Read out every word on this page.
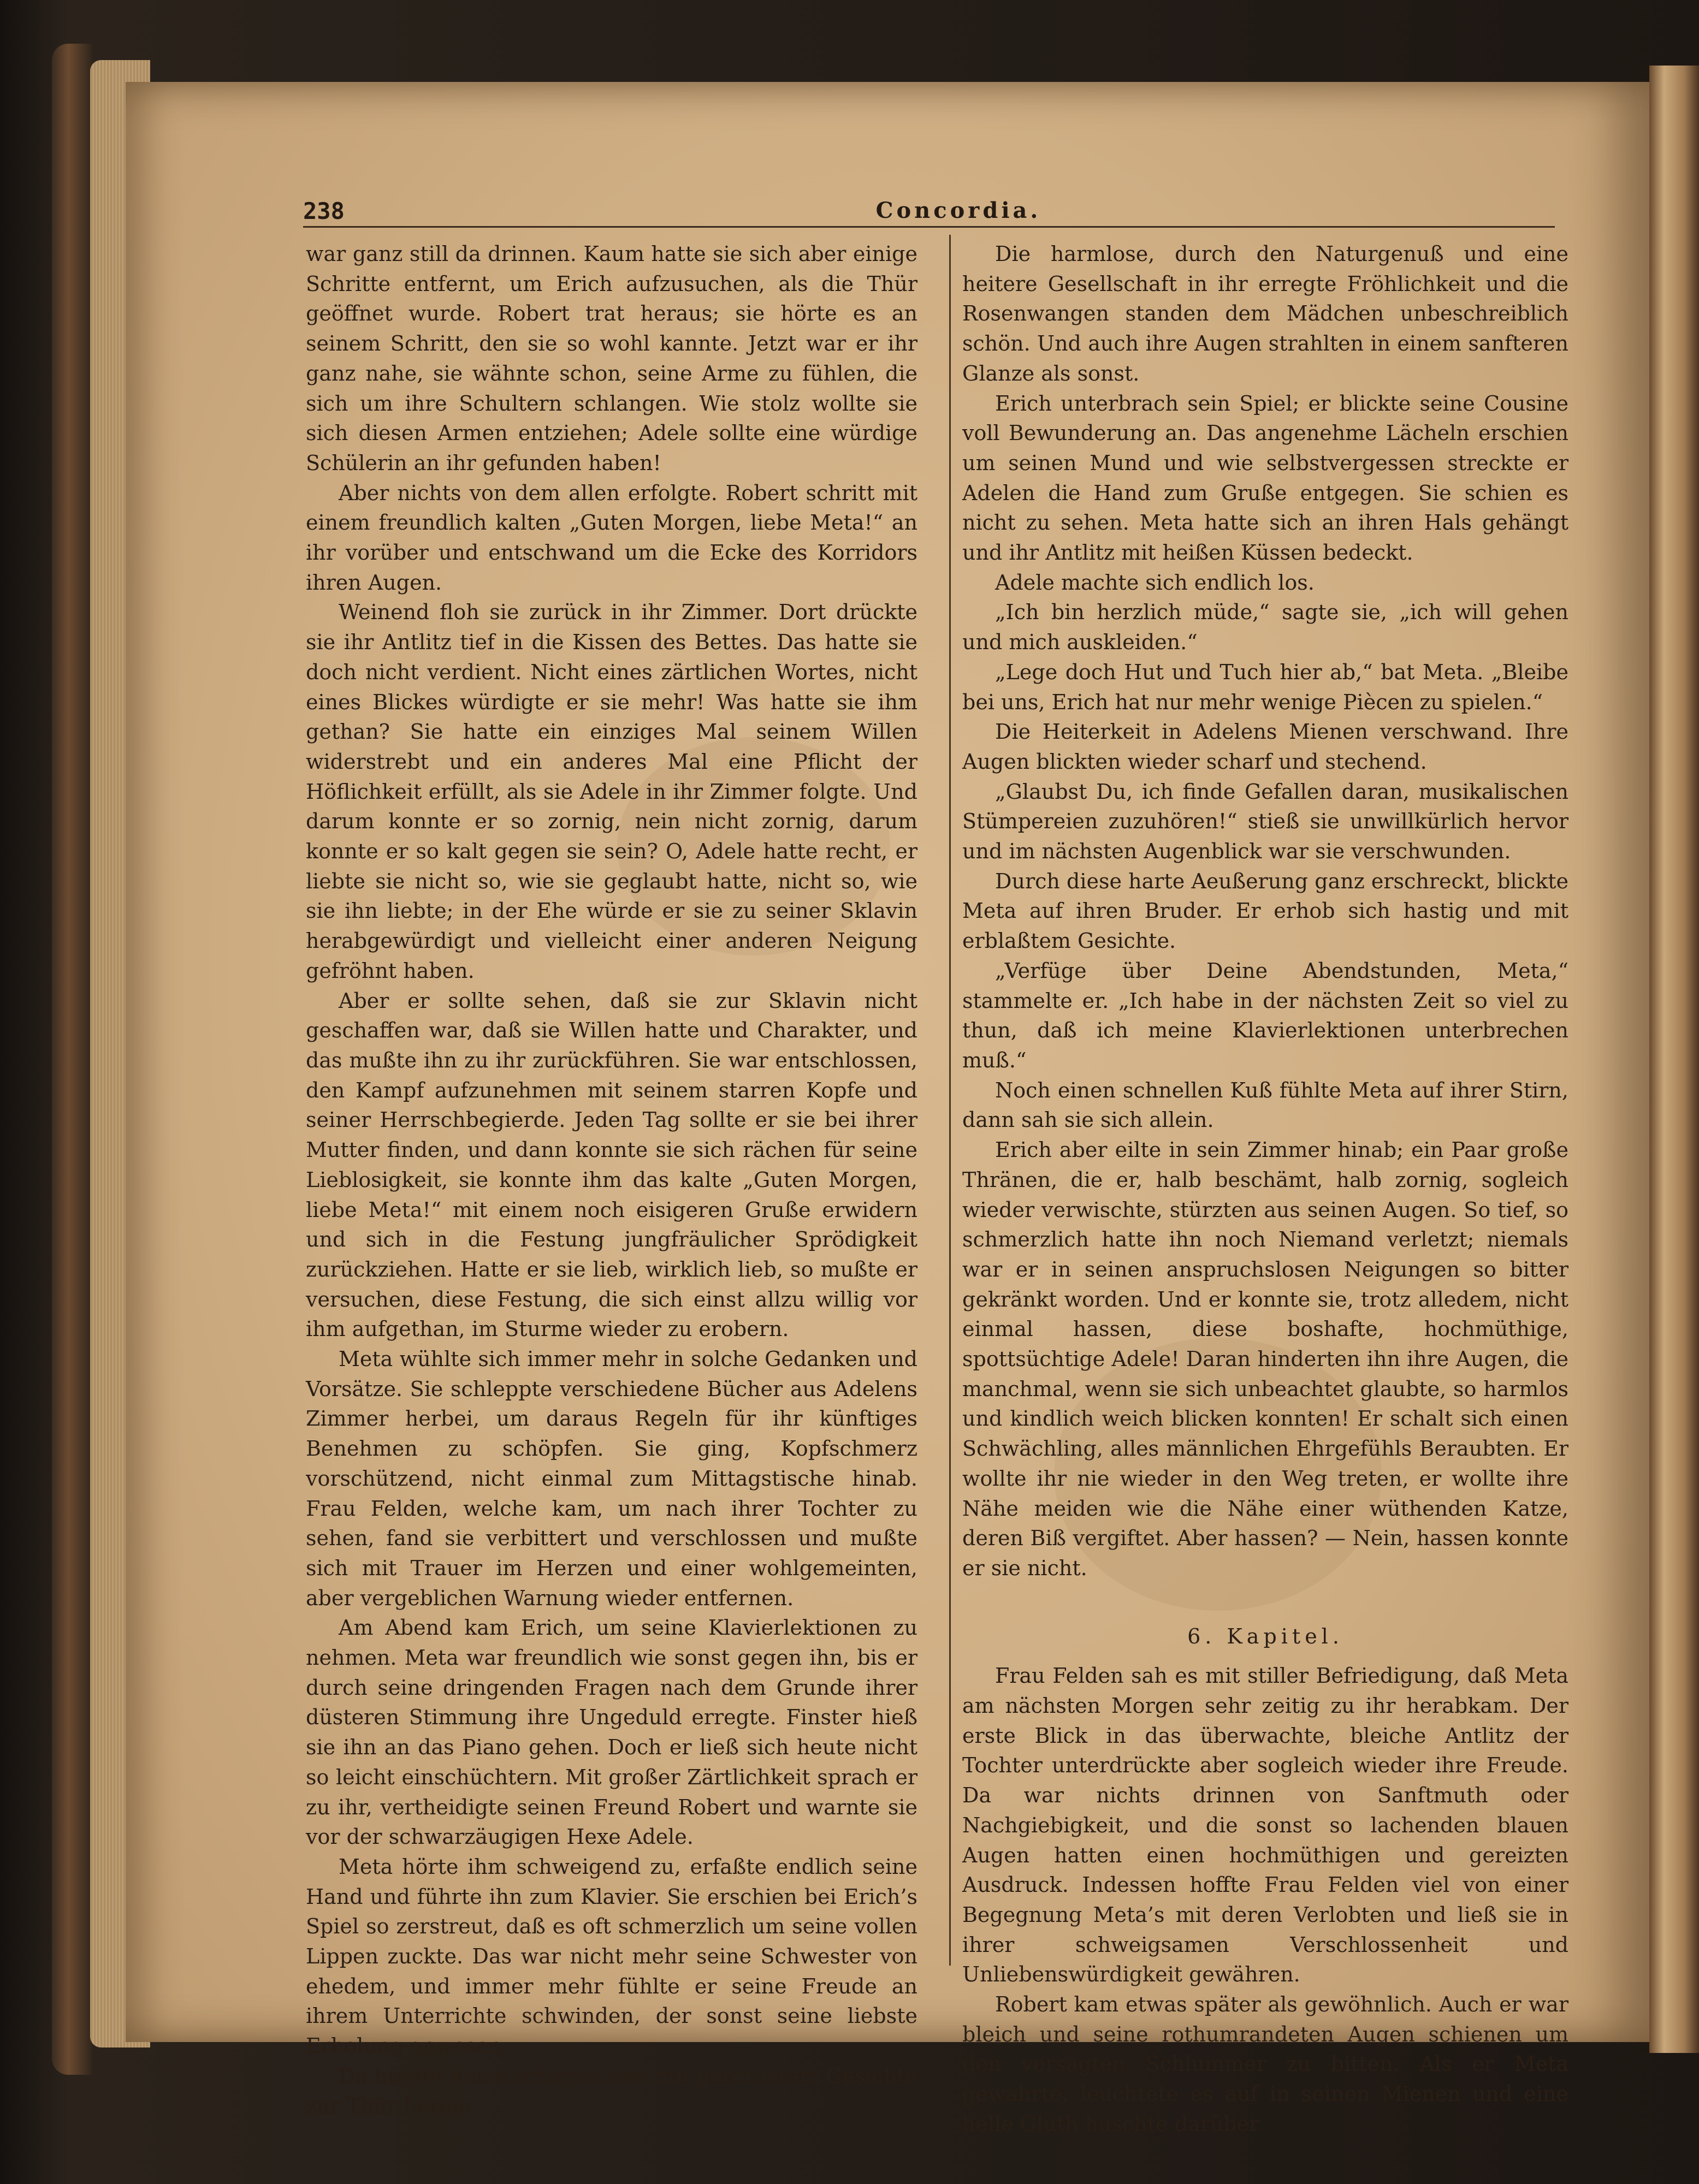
238	Concordia.

war ganz still da drinnen. Kaum hatte sie sich aber einige Schritte entfernt, um Erich aufzusuchen, als die Thür geöffnet wurde. Robert trat heraus; sie hörte es an seinem Schritt, den sie so wohl kannte. Jetzt war er ihr ganz nahe, sie wähnte schon, seine Arme zu fühlen, die sich um ihre Schultern schlangen. Wie stolz wollte sie sich diesen Armen entziehen; Adele sollte eine würdige Schülerin an ihr gefunden haben!

Aber nichts von dem allen erfolgte. Robert schritt mit einem freundlich kalten „Guten Morgen, liebe Meta!“ an ihr vorüber und entschwand um die Ecke des Korridors ihren Augen.

Weinend floh sie zurück in ihr Zimmer. Dort drückte sie ihr Antlitz tief in die Kissen des Bettes. Das hatte sie doch nicht verdient. Nicht eines zärtlichen Wortes, nicht eines Blickes würdigte er sie mehr! Was hatte sie ihm gethan? Sie hatte ein einziges Mal seinem Willen widerstrebt und ein anderes Mal eine Pflicht der Höflichkeit erfüllt, als sie Adele in ihr Zimmer folgte. Und darum konnte er so zornig, nein nicht zornig, darum konnte er so kalt gegen sie sein? O, Adele hatte recht, er liebte sie nicht so, wie sie geglaubt hatte, nicht so, wie sie ihn liebte; in der Ehe würde er sie zu seiner Sklavin herabgewürdigt und vielleicht einer anderen Neigung gefröhnt haben.

Aber er sollte sehen, daß sie zur Sklavin nicht geschaffen war, daß sie Willen hatte und Charakter, und das mußte ihn zu ihr zurückführen. Sie war entschlossen, den Kampf aufzunehmen mit seinem starren Kopfe und seiner Herrschbegierde. Jeden Tag sollte er sie bei ihrer Mutter finden, und dann konnte sie sich rächen für seine Lieblosigkeit, sie konnte ihm das kalte „Guten Morgen, liebe Meta!“ mit einem noch eisigeren Gruße erwidern und sich in die Festung jungfräulicher Sprödigkeit zurückziehen. Hatte er sie lieb, wirklich lieb, so mußte er versuchen, diese Festung, die sich einst allzu willig vor ihm aufgethan, im Sturme wieder zu erobern.

Meta wühlte sich immer mehr in solche Gedanken und Vorsätze. Sie schleppte verschiedene Bücher aus Adelens Zimmer herbei, um daraus Regeln für ihr künftiges Benehmen zu schöpfen. Sie ging, Kopfschmerz vorschützend, nicht einmal zum Mittagstische hinab. Frau Felden, welche kam, um nach ihrer Tochter zu sehen, fand sie verbittert und verschlossen und mußte sich mit Trauer im Herzen und einer wohlgemeinten, aber vergeblichen Warnung wieder entfernen.

Am Abend kam Erich, um seine Klavierlektionen zu nehmen. Meta war freundlich wie sonst gegen ihn, bis er durch seine dringenden Fragen nach dem Grunde ihrer düsteren Stimmung ihre Ungeduld erregte. Finster hieß sie ihn an das Piano gehen. Doch er ließ sich heute nicht so leicht einschüchtern. Mit großer Zärtlichkeit sprach er zu ihr, vertheidigte seinen Freund Robert und warnte sie vor der schwarzäugigen Hexe Adele.

Meta hörte ihm schweigend zu, erfaßte endlich seine Hand und führte ihn zum Klavier. Sie erschien bei Erich’s Spiel so zerstreut, daß es oft schmerzlich um seine vollen Lippen zuckte. Das war nicht mehr seine Schwester von ehedem, und immer mehr fühlte er seine Freude an ihrem Unterrichte schwinden, der sonst seine liebste Erholung gewesen.

Da hüpfte Adele trillernd und mit geröthetem Gesichte zur Thür herein.

Die harmlose, durch den Naturgenuß und eine heitere Gesellschaft in ihr erregte Fröhlichkeit und die Rosenwangen standen dem Mädchen unbeschreiblich schön. Und auch ihre Augen strahlten in einem sanfteren Glanze als sonst.

Erich unterbrach sein Spiel; er blickte seine Cousine voll Bewunderung an. Das angenehme Lächeln erschien um seinen Mund und wie selbstvergessen streckte er Adelen die Hand zum Gruße entgegen. Sie schien es nicht zu sehen. Meta hatte sich an ihren Hals gehängt und ihr Antlitz mit heißen Küssen bedeckt.

Adele machte sich endlich los.

„Ich bin herzlich müde,“ sagte sie, „ich will gehen und mich auskleiden.“

„Lege doch Hut und Tuch hier ab,“ bat Meta. „Bleibe bei uns, Erich hat nur mehr wenige Piècen zu spielen.“

Die Heiterkeit in Adelens Mienen verschwand. Ihre Augen blickten wieder scharf und stechend.

„Glaubst Du, ich finde Gefallen daran, musikalischen Stümpereien zuzuhören!“ stieß sie unwillkürlich hervor und im nächsten Augenblick war sie verschwunden.

Durch diese harte Aeußerung ganz erschreckt, blickte Meta auf ihren Bruder. Er erhob sich hastig und mit erblaßtem Gesichte.

„Verfüge über Deine Abendstunden, Meta,“ stammelte er. „Ich habe in der nächsten Zeit so viel zu thun, daß ich meine Klavierlektionen unterbrechen muß.“

Noch einen schnellen Kuß fühlte Meta auf ihrer Stirn, dann sah sie sich allein.

Erich aber eilte in sein Zimmer hinab; ein Paar große Thränen, die er, halb beschämt, halb zornig, sogleich wieder verwischte, stürzten aus seinen Augen. So tief, so schmerzlich hatte ihn noch Niemand verletzt; niemals war er in seinen anspruchslosen Neigungen so bitter gekränkt worden. Und er konnte sie, trotz alledem, nicht einmal hassen, diese boshafte, hochmüthige, spottsüchtige Adele! Daran hinderten ihn ihre Augen, die manchmal, wenn sie sich unbeachtet glaubte, so harmlos und kindlich weich blicken konnten! Er schalt sich einen Schwächling, alles männlichen Ehrgefühls Beraubten. Er wollte ihr nie wieder in den Weg treten, er wollte ihre Nähe meiden wie die Nähe einer wüthenden Katze, deren Biß vergiftet. Aber hassen? — Nein, hassen konnte er sie nicht.

6. Kapitel.

Frau Felden sah es mit stiller Befriedigung, daß Meta am nächsten Morgen sehr zeitig zu ihr herabkam. Der erste Blick in das überwachte, bleiche Antlitz der Tochter unterdrückte aber sogleich wieder ihre Freude. Da war nichts drinnen von Sanftmuth oder Nachgiebigkeit, und die sonst so lachenden blauen Augen hatten einen hochmüthigen und gereizten Ausdruck. Indessen hoffte Frau Felden viel von einer Begegnung Meta’s mit deren Verlobten und ließ sie in ihrer schweigsamen Verschlossenheit und Unliebenswürdigkeit gewähren.

Robert kam etwas später als gewöhnlich. Auch er war bleich und seine rothumrandeten Augen schienen um den versagten Schlummer zu bitten. Als er Meta gewahrte, leuchtete es auf in seinen Mienen und eine helle Gluth huschte darüber
